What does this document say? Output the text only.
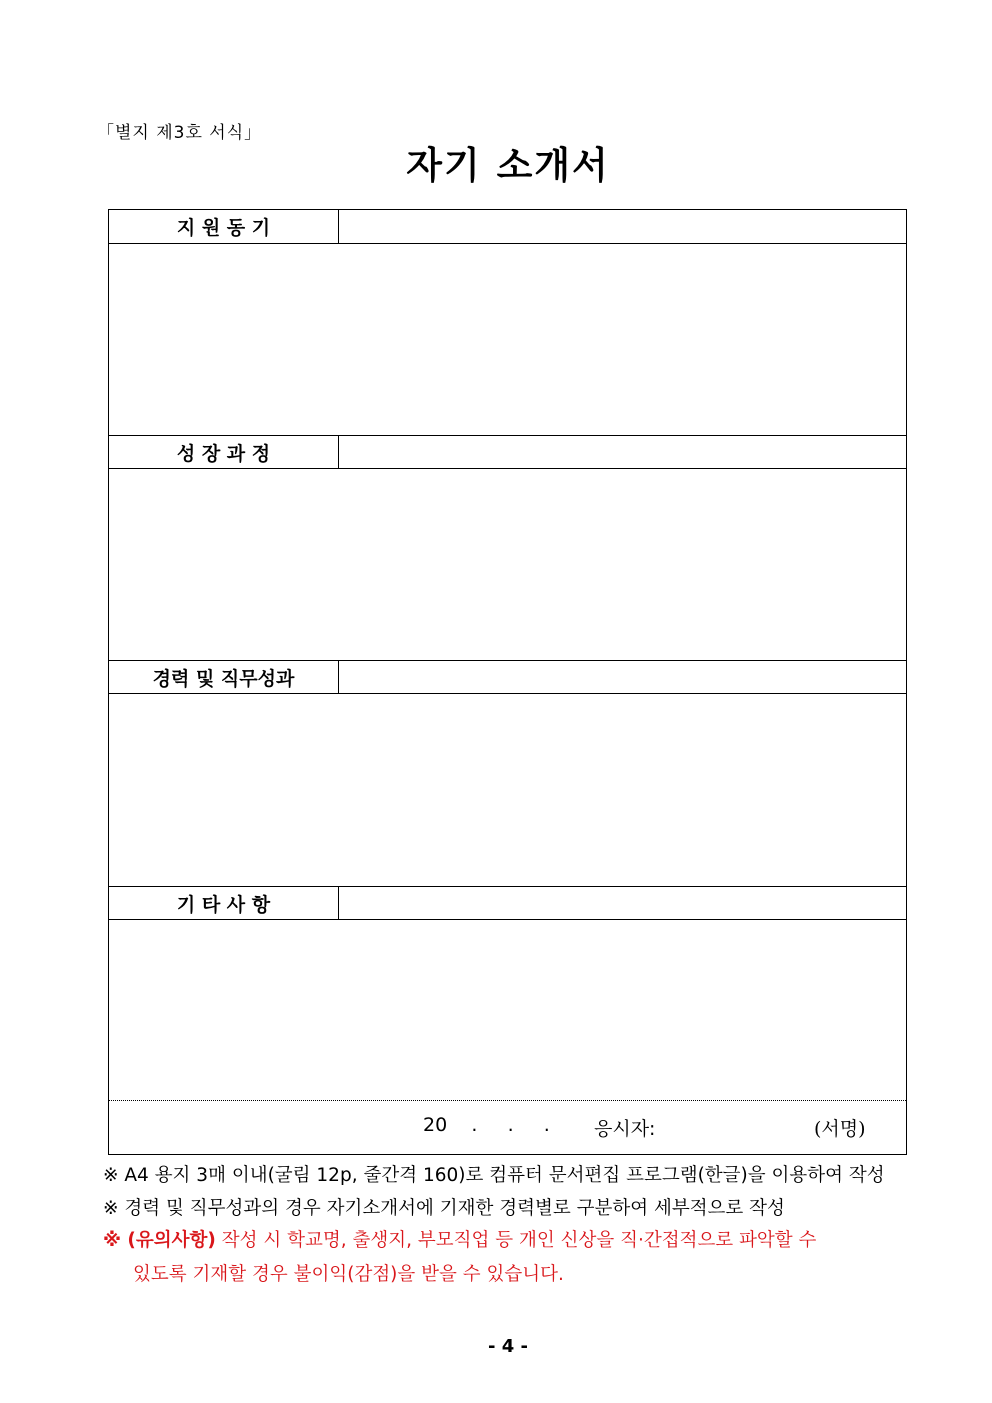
「별지 제3호 서식」
자기 소개서
지 원 동 기
성 장 과 정
경력 및 직무성과
기 타 사 항
20    .     .     . 응시자:	(서명)
※ A4 용지 3매 이내(굴림 12p, 줄간격 160)로 컴퓨터 문서편집 프로그램(한글)을 이용하여 작성
※ 경력 및 직무성과의 경우 자기소개서에 기재한 경력별로 구분하여 세부적으로 작성
※ (유의사항) 작성 시 학교명, 출생지, 부모직업 등 개인 신상을 직·간접적으로 파악할 수
있도록 기재할 경우 불이익(감점)을 받을 수 있습니다.
- 4 -
